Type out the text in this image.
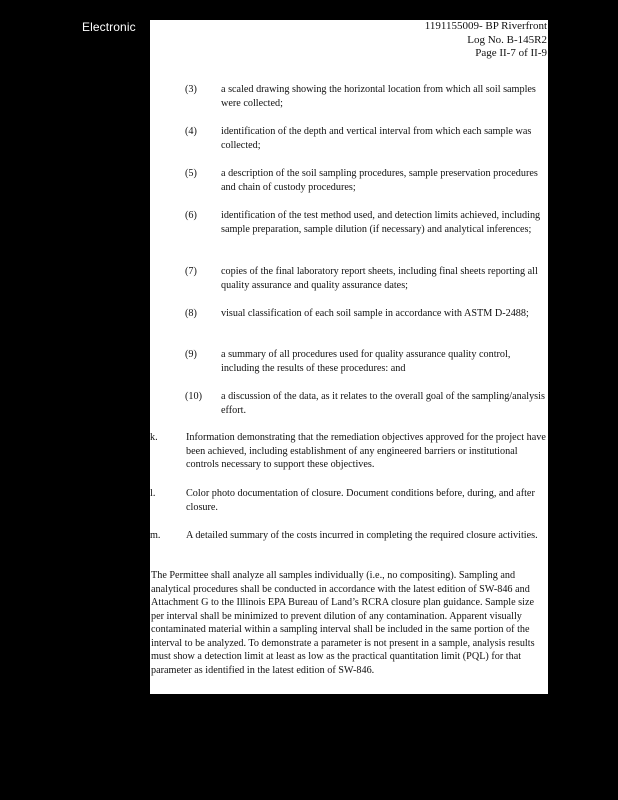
Electronic	1191155009- BP Riverfront
Log No. B-145R2
Page II-7 of II-9
(3) a scaled drawing showing the horizontal location from which all soil samples were collected;
(4) identification of the depth and vertical interval from which each sample was collected;
(5) a description of the soil sampling procedures, sample preservation procedures and chain of custody procedures;
(6) identification of the test method used, and detection limits achieved, including sample preparation, sample dilution (if necessary) and analytical inferences;
(7) copies of the final laboratory report sheets, including final sheets reporting all quality assurance and quality assurance dates;
(8) visual classification of each soil sample in accordance with ASTM D-2488;
(9) a summary of all procedures used for quality assurance quality control, including the results of these procedures: and
(10) a discussion of the data, as it relates to the overall goal of the sampling/analysis effort.
k.	Information demonstrating that the remediation objectives approved for the project have been achieved, including establishment of any engineered barriers or institutional controls necessary to support these objectives.
l.	Color photo documentation of closure. Document conditions before, during, and after closure.
m.	A detailed summary of the costs incurred in completing the required closure activities.
The Permittee shall analyze all samples individually (i.e., no compositing). Sampling and analytical procedures shall be conducted in accordance with the latest edition of SW-846 and Attachment G to the Illinois EPA Bureau of Land’s RCRA closure plan guidance. Sample size per interval shall be minimized to prevent dilution of any contamination. Apparent visually contaminated material within a sampling interval shall be included in the same portion of the interval to be analyzed. To demonstrate a parameter is not present in a sample, analysis results must show a detection limit at least as low as the practical quantitation limit (PQL) for that parameter as identified in the latest edition of SW-846.
